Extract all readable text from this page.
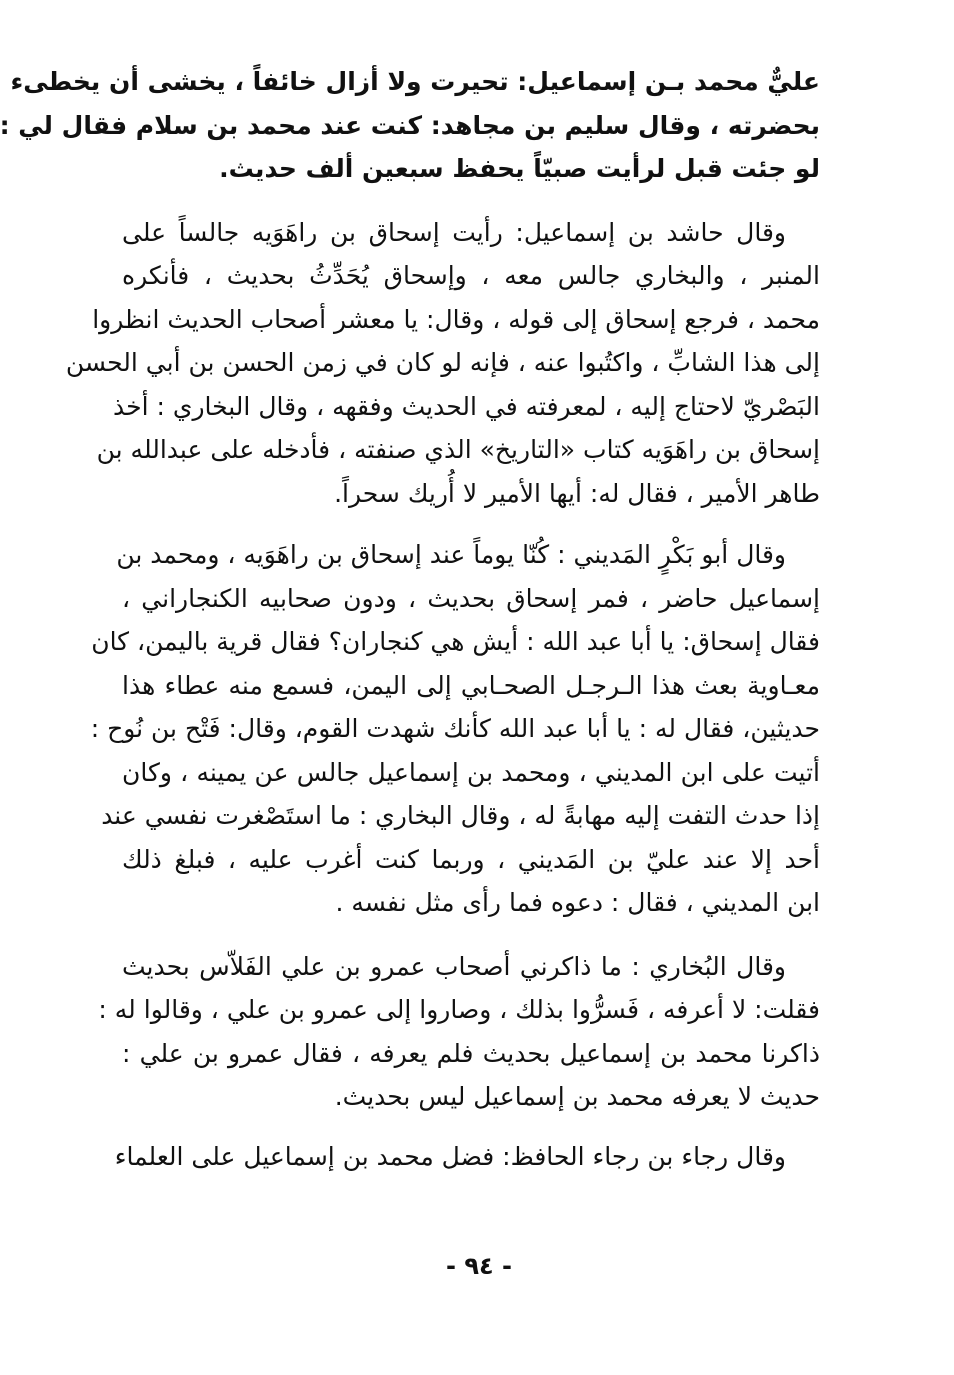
عليٌّ محمد بـن إسماعيل: تحيرت ولا أزال خائفاً ، يخشى أن يخطىء
بحضرته ، وقال سليم بن مجاهد: كنت عند محمد بن سلام فقال لي :
لو جئت قبل لرأيت صبيّاً يحفظ سبعين ألف حديث.
وقال حاشد بن إسماعيل: رأيت إسحاق بن راهَوَيه جالساً على
المنبر ، والبخاري جالس معه ، وإسحاق يُحَدِّثُ بحديث ، فأنكره
محمد ، فرجع إسحاق إلى قوله ، وقال: يا معشر أصحاب الحديث انظروا
إلى هذا الشابِّ ، واكتُبوا عنه ، فإنه لو كان في زمن الحسن بن أبي الحسن
البَصْريّ لاحتاج إليه ، لمعرفته في الحديث وفقهه ، وقال البخاري : أخذ
إسحاق بن راهَوَيه كتاب «التاريخ» الذي صنفته ، فأدخله على عبدالله بن
طاهر الأمير ، فقال له: أيها الأمير لا أُريك سحراً.
وقال أبو بَكْرٍ المَديني : كُنّا يوماً عند إسحاق بن راهَوَيه ، ومحمد بن
إسماعيل حاضر ، فمر إسحاق بحديث ، ودون صحابيه الكنجاراني ،
فقال إسحاق: يا أبا عبد الله : أيش هي كنجاران؟ فقال قرية باليمن، كان
معـاوية بعث هذا الـرجـل الصحـابي إلى اليمن، فسمع منه عطاء هذا
حديثين، فقال له : يا أبا عبد الله كأنك شهدت القوم، وقال: فَتْح بن نُوح :
أتيت على ابن المديني ، ومحمد بن إسماعيل جالس عن يمينه ، وكان
إذا حدث التفت إليه مهابةً له ، وقال البخاري : ما استَصْغرت نفسي عند
أحد إلا عند عليّ بن المَديني ، وربما كنت أغرب عليه ، فبلغ ذلك
ابن المديني ، فقال : دعوه فما رأى مثل نفسه .
وقال البُخاري : ما ذاكرني أصحاب عمرو بن علي الفَلاّس بحديث
فقلت: لا أعرفه ، فَسرُّوا بذلك ، وصاروا إلى عمرو بن علي ، وقالوا له :
ذاكرنا محمد بن إسماعيل بحديث فلم يعرفه ، فقال عمرو بن علي :
حديث لا يعرفه محمد بن إسماعيل ليس بحديث.
وقال رجاء بن رجاء الحافظ: فضل محمد بن إسماعيل على العلماء
- ٩٤ -
